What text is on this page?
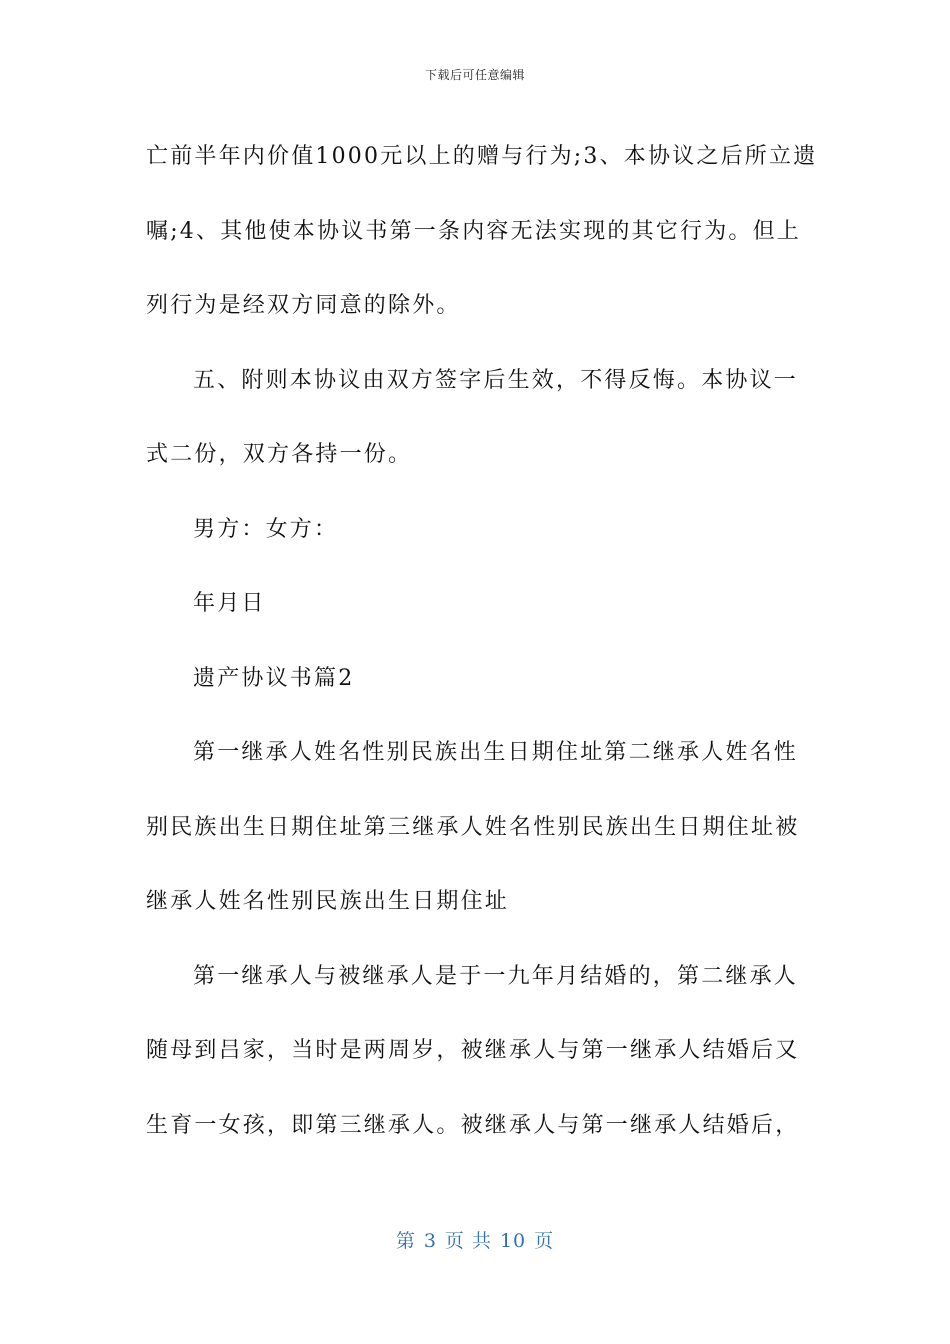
下载后可任意编辑

亡前半年内价值1000元以上的赠与行为;3、本协议之后所立遗

嘱;4、其他使本协议书第一条内容无法实现的其它行为。但上

列行为是经双方同意的除外。

五、附则本协议由双方签字后生效，不得反悔。本协议一

式二份，双方各持一份。

男方：女方：

年月日

遗产协议书篇2

第一继承人姓名性别民族出生日期住址第二继承人姓名性

别民族出生日期住址第三继承人姓名性别民族出生日期住址被

继承人姓名性别民族出生日期住址

第一继承人与被继承人是于一九年月结婚的，第二继承人

随母到吕家，当时是两周岁，被继承人与第一继承人结婚后又

生育一女孩，即第三继承人。被继承人与第一继承人结婚后，

第 3 页 共 10 页
